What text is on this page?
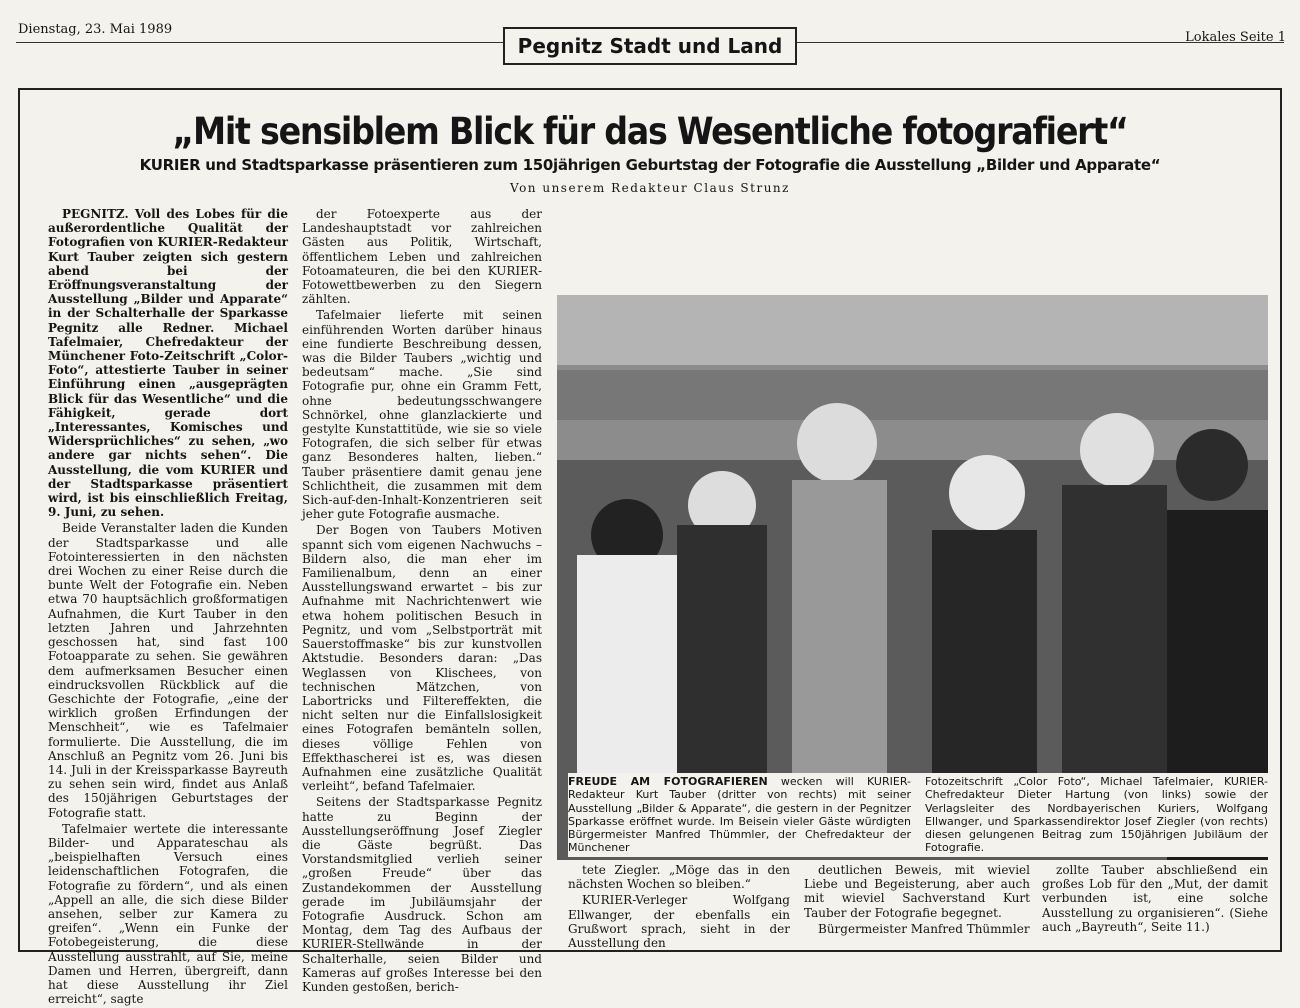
Dienstag, 23. Mai 1989
Lokales Seite 1
Pegnitz Stadt und Land
„Mit sensiblem Blick für das Wesentliche fotografiert“
KURIER und Stadtsparkasse präsentieren zum 150jährigen Geburtstag der Fotografie die Ausstellung „Bilder und Apparate“
Von unserem Redakteur Claus Strunz

PEGNITZ. Voll des Lobes für die außerordentliche Qualität der Fotografien von KURIER-Redakteur Kurt Tauber zeigten sich gestern abend bei der Eröffnungsveranstaltung der Ausstellung „Bilder und Apparate“ in der Schalterhalle der Sparkasse Pegnitz alle Redner. Michael Tafelmaier, Chefredakteur der Münchener Foto-Zeitschrift „Color-Foto“, attestierte Tauber in seiner Einführung einen „ausgeprägten Blick für das Wesentliche“ und die Fähigkeit, gerade dort „Interessantes, Komisches und Widersprüchliches“ zu sehen, „wo andere gar nichts sehen“. Die Ausstellung, die vom KURIER und der Stadtsparkasse präsentiert wird, ist bis einschließlich Freitag, 9. Juni, zu sehen.

Beide Veranstalter laden die Kunden der Stadtsparkasse und alle Fotointeressierten in den nächsten drei Wochen zu einer Reise durch die bunte Welt der Fotografie ein. Neben etwa 70 hauptsächlich großformatigen Aufnahmen, die Kurt Tauber in den letzten Jahren und Jahrzehnten geschossen hat, sind fast 100 Fotoapparate zu sehen. Sie gewähren dem aufmerksamen Besucher einen eindrucksvollen Rückblick auf die Geschichte der Fotografie, „eine der wirklich großen Erfindungen der Menschheit“, wie es Tafelmaier formulierte. Die Ausstellung, die im Anschluß an Pegnitz vom 26. Juni bis 14. Juli in der Kreissparkasse Bayreuth zu sehen sein wird, findet aus Anlaß des 150jährigen Geburtstages der Fotografie statt.

Tafelmaier wertete die interessante Bilder- und Apparateschau als „beispielhaften Versuch eines leidenschaftlichen Fotografen, die Fotografie zu fördern“, und als einen „Appell an alle, die sich diese Bilder ansehen, selber zur Kamera zu greifen“. „Wenn ein Funke der Fotobegeisterung, die diese Ausstellung ausstrahlt, auf Sie, meine Damen und Herren, übergreift, dann hat diese Ausstellung ihr Ziel erreicht“, sagte

der Fotoexperte aus der Landeshauptstadt vor zahlreichen Gästen aus Politik, Wirtschaft, öffentlichem Leben und zahlreichen Fotoamateuren, die bei den KURIER-Fotowettbewerben zu den Siegern zählten.

Tafelmaier lieferte mit seinen einführenden Worten darüber hinaus eine fundierte Beschreibung dessen, was die Bilder Taubers „wichtig und bedeutsam“ mache. „Sie sind Fotografie pur, ohne ein Gramm Fett, ohne bedeutungsschwangere Schnörkel, ohne glanzlackierte und gestylte Kunstattitüde, wie sie so viele Fotografen, die sich selber für etwas ganz Besonderes halten, lieben.“ Tauber präsentiere damit genau jene Schlichtheit, die zusammen mit dem Sich-auf-den-Inhalt-Konzentrieren seit jeher gute Fotografie ausmache.

Der Bogen von Taubers Motiven spannt sich vom eigenen Nachwuchs – Bildern also, die man eher im Familienalbum, denn an einer Ausstellungswand erwartet – bis zur Aufnahme mit Nachrichtenwert wie etwa hohem politischen Besuch in Pegnitz, und vom „Selbstporträt mit Sauerstoffmaske“ bis zur kunstvollen Aktstudie. Besonders daran: „Das Weglassen von Klischees, von technischen Mätzchen, von Labortricks und Filtereffekten, die nicht selten nur die Einfallslosigkeit eines Fotografen bemänteln sollen, dieses völlige Fehlen von Effekthascherei ist es, was diesen Aufnahmen eine zusätzliche Qualität verleiht“, befand Tafelmaier.

Seitens der Stadtsparkasse Pegnitz hatte zu Beginn der Ausstellungseröffnung Josef Ziegler die Gäste begrüßt. Das Vorstandsmitglied verlieh seiner „großen Freude“ über das Zustandekommen der Ausstellung gerade im Jubiläumsjahr der Fotografie Ausdruck. Schon am Montag, dem Tag des Aufbaus der KURIER-Stellwände in der Schalterhalle, seien Bilder und Kameras auf großes Interesse bei den Kunden gestoßen, berich-

FREUDE AM FOTOGRAFIEREN wecken will KURIER-Redakteur Kurt Tauber (dritter von rechts) mit seiner Ausstellung „Bilder & Apparate“, die gestern in der Pegnitzer Sparkasse eröffnet wurde. Im Beisein vieler Gäste würdigten Bürgermeister Manfred Thümmler, der Chefredakteur der Münchener
Fotozeitschrift „Color Foto“, Michael Tafelmaier, KURIER-Chefredakteur Dieter Hartung (von links) sowie der Verlagsleiter des Nordbayerischen Kuriers, Wolfgang Ellwanger, und Sparkassendirektor Josef Ziegler (von rechts) diesen gelungenen Beitrag zum 150jährigen Jubiläum der Fotografie.

tete Ziegler. „Möge das in den nächsten Wochen so bleiben.“

KURIER-Verleger Wolfgang Ellwanger, der ebenfalls ein Grußwort sprach, sieht in der Ausstellung den

deutlichen Beweis, mit wieviel Liebe und Begeisterung, aber auch mit wieviel Sachverstand Kurt Tauber der Fotografie begegnet.

Bürgermeister Manfred Thümmler

zollte Tauber abschließend ein großes Lob für den „Mut, der damit verbunden ist, eine solche Ausstellung zu organisieren“. (Siehe auch „Bayreuth“, Seite 11.)
